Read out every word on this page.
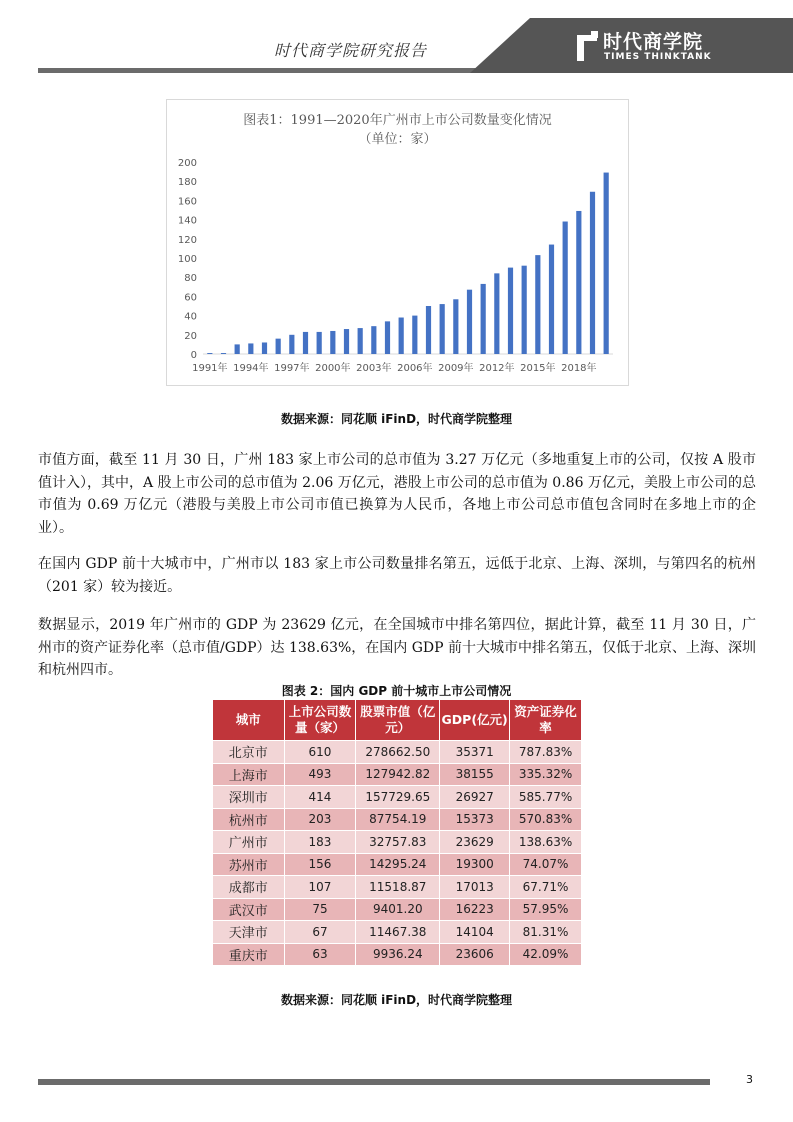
时代商学院研究报告	时代商学院
TIMES THINKTANK
图表1：1991—2020年广州市上市公司数量变化情况
（单位：家）
0
20
40
60
80
100
120
140
160
180
200
1991年 1994年 1997年 2000年 2003年 2006年 2009年 2012年 2015年 2018年
数据来源：同花顺 iFinD，时代商学院整理

市值方面，截至 11 月 30 日，广州 183 家上市公司的总市值为 3.27 万亿元（多地重复上市的公司，仅按 A 股市值计入），其中，A 股上市公司的总市值为 2.06 万亿元，港股上市公司的总市值为 0.86 万亿元，美股上市公司的总市值为 0.69 万亿元（港股与美股上市公司市值已换算为人民币，各地上市公司总市值包含同时在多地上市的企业）。

在国内 GDP 前十大城市中，广州市以 183 家上市公司数量排名第五，远低于北京、上海、深圳，与第四名的杭州（201 家）较为接近。

数据显示，2019 年广州市的 GDP 为 23629 亿元，在全国城市中排名第四位，据此计算，截至 11 月 30 日，广州市的资产证券化率（总市值/GDP）达 138.63%，在国内 GDP 前十大城市中排名第五，仅低于北京、上海、深圳和杭州四市。

图表 2：国内 GDP 前十城市上市公司情况
城市	上市公司数量（家）	股票市值（亿元）	GDP(亿元)	资产证券化率
北京市	610	278662.50	35371	787.83%
上海市	493	127942.82	38155	335.32%
深圳市	414	157729.65	26927	585.77%
杭州市	203	87754.19	15373	570.83%
广州市	183	32757.83	23629	138.63%
苏州市	156	14295.24	19300	74.07%
成都市	107	11518.87	17013	67.71%
武汉市	75	9401.20	16223	57.95%
天津市	67	11467.38	14104	81.31%
重庆市	63	9936.24	23606	42.09%
数据来源：同花顺 iFinD，时代商学院整理
3
